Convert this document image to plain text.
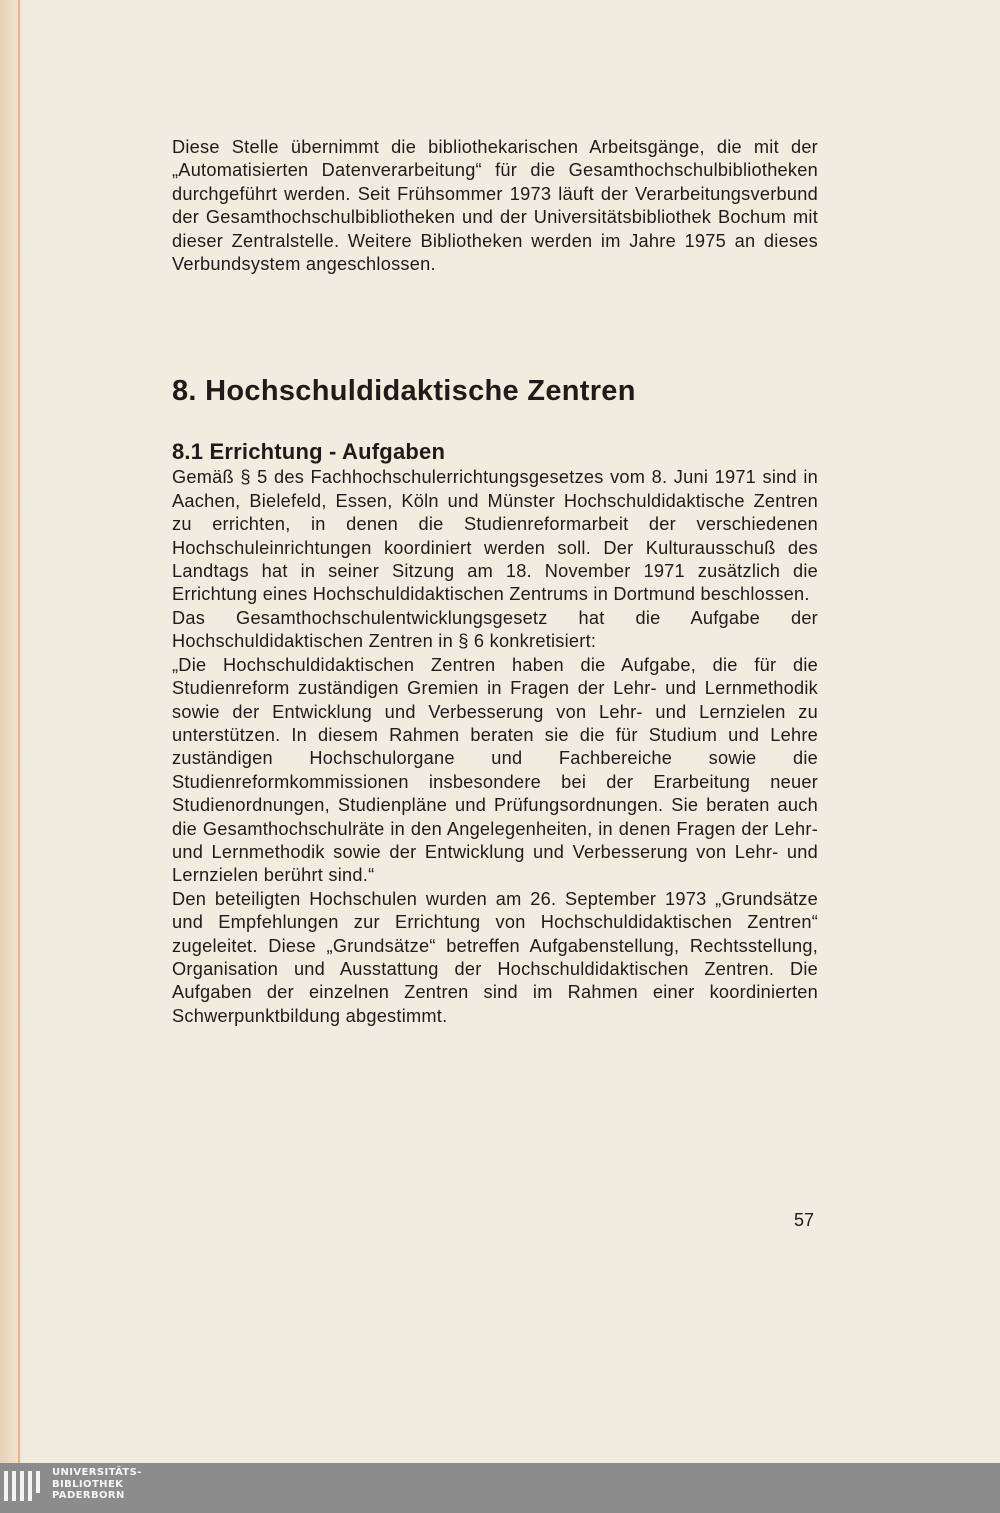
Diese Stelle übernimmt die bibliothekarischen Arbeitsgänge, die mit der „Automatisierten Datenverarbeitung“ für die Gesamthochschulbibliotheken durchgeführt werden. Seit Frühsommer 1973 läuft der Verarbeitungsverbund der Gesamthochschulbibliotheken und der Universitätsbibliothek Bochum mit dieser Zentralstelle. Weitere Bibliotheken werden im Jahre 1975 an dieses Verbundsystem angeschlossen.

8. Hochschuldidaktische Zentren
8.1 Errichtung - Aufgaben

Gemäß § 5 des Fachhochschulerrichtungsgesetzes vom 8. Juni 1971 sind in Aachen, Bielefeld, Essen, Köln und Münster Hochschuldidaktische Zentren zu errichten, in denen die Studienreformarbeit der verschiedenen Hochschuleinrichtungen koordiniert werden soll. Der Kulturausschuß des Landtags hat in seiner Sitzung am 18. November 1971 zusätzlich die Errichtung eines Hochschuldidaktischen Zentrums in Dortmund beschlossen.

Das Gesamthochschulentwicklungsgesetz hat die Aufgabe der Hochschuldidaktischen Zentren in § 6 konkretisiert:

„Die Hochschuldidaktischen Zentren haben die Aufgabe, die für die Studienreform zuständigen Gremien in Fragen der Lehr- und Lernmethodik sowie der Entwicklung und Verbesserung von Lehr- und Lernzielen zu unterstützen. In diesem Rahmen beraten sie die für Studium und Lehre zuständigen Hochschulorgane und Fachbereiche sowie die Studienreformkommissionen insbesondere bei der Erarbeitung neuer Studienordnungen, Studienpläne und Prüfungsordnungen. Sie beraten auch die Gesamthochschulräte in den Angelegenheiten, in denen Fragen der Lehr- und Lernmethodik sowie der Entwicklung und Verbesserung von Lehr- und Lernzielen berührt sind.“

Den beteiligten Hochschulen wurden am 26. September 1973 „Grundsätze und Empfehlungen zur Errichtung von Hochschuldidaktischen Zentren“ zugeleitet. Diese „Grundsätze“ betreffen Aufgabenstellung, Rechtsstellung, Organisation und Ausstattung der Hochschuldidaktischen Zentren. Die Aufgaben der einzelnen Zentren sind im Rahmen einer koordinierten Schwerpunktbildung abgestimmt.

57
UNIVERSITÄTS-
BIBLIOTHEK
PADERBORN
